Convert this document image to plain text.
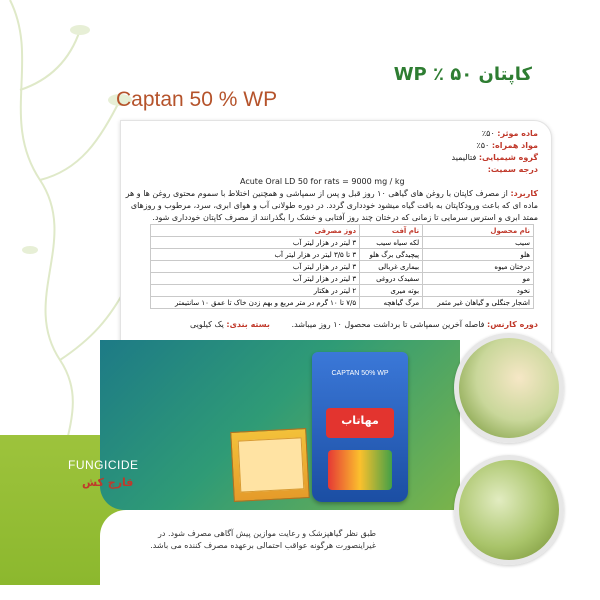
کاپتان ۵۰ ٪ WP
Captan 50 % WP
ماده موثر: ۵۰٪
مواد همراه: ۵۰٪
گروه شیمیایی: فتالیمید
درجه سمیت:
Acute Oral LD 50 for rats = 9000 mg / kg
کاربرد: از مصرف کاپتان با روغن های گیاهی ۱۰ روز قبل و پس از سمپاشی و همچنین اختلاط با سموم محتوی روغن ها و هر ماده ای که باعث ورودکاپتان به بافت گیاه میشود خودداری گردد. در دوره طولانی آب و هوای ابری، سرد، مرطوب و روزهای ممتد ابری و استرس سرمایی تا زمانی که درختان چند روز آفتابی و خشک را بگذرانند از مصرف کاپتان خودداری شود.
نام محصول	نام آفت	دوز مصرفی
سیب	لکه سیاه سیب	۳ لیتر در هزار لیتر آب
هلو	پیچیدگی برگ هلو	۳ تا ۳/۵ لیتر در هزار لیتر آب
درختان میوه	بیماری غربالی	۳ لیتر در هزار لیتر آب
مو	سفیدک دروغی	۳ لیتر در هزار لیتر آب
نخود	بوته میری	۲ لیتر در هکتار
اشجار جنگلی و گیاهان غیر مثمر	مرگ گیاهچه	۷/۵ تا ۱۰ گرم در متر مربع و بهم زدن خاک تا عمق ۱۰ سانتیمتر
دوره کارنس: فاصله آخرین سمپاشی تا برداشت محصول ۱۰ روز میباشد.
بسته بندی: یک کیلویی
FUNGICIDE
قارچ کش
CAPTAN 50% WP
مهاتاب
طبق نظر گیاهپزشک و رعایت موازین پیش آگاهی مصرف شود. در غیراینصورت هرگونه عواقب احتمالی برعهده مصرف کننده می باشد.
